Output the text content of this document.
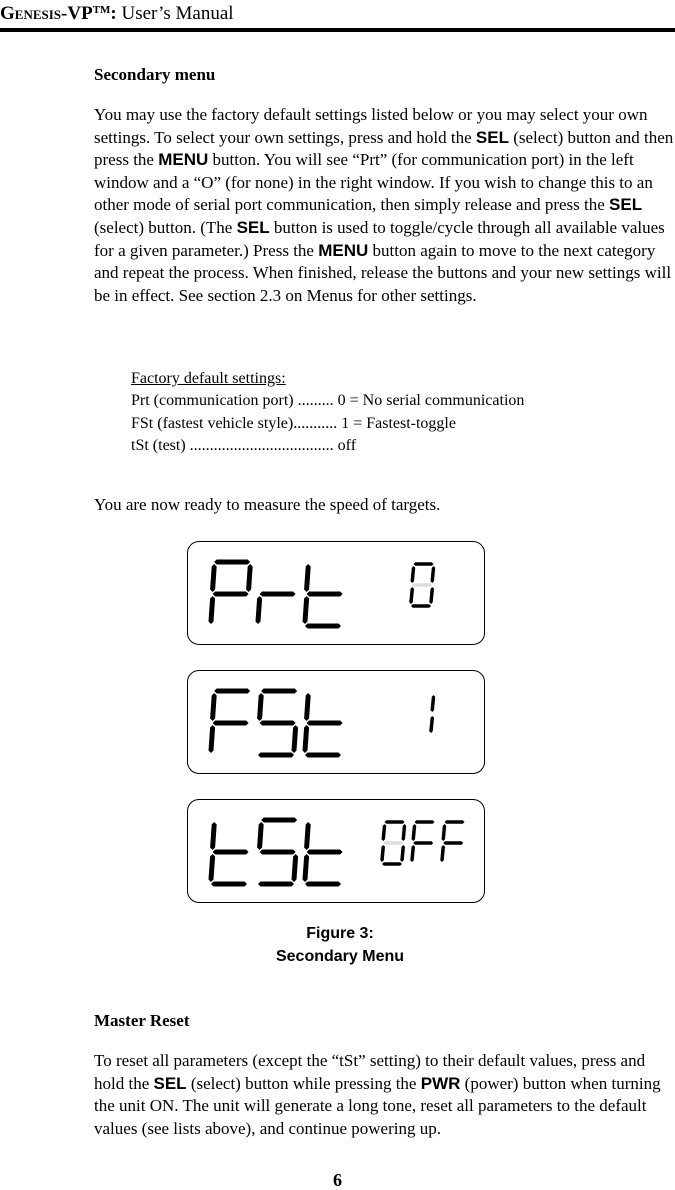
Genesis-VP™: User’s Manual
Secondary menu
You may use the factory default settings listed below or you may select your own settings. To select your own settings, press and hold the SEL (select) button and then press the MENU button. You will see “Prt” (for communication port) in the left window and a “O” (for none) in the right window. If you wish to change this to an other mode of serial port communication, then simply release and press the SEL (select) button. (The SEL button is used to toggle/cycle through all available values for a given parameter.) Press the MENU button again to move to the next category and repeat the process. When finished, release the buttons and your new settings will be in effect. See section 2.3 on Menus for other settings.
Factory default settings:
Prt (communication port) ......... 0 = No serial communication
FSt (fastest vehicle style)........... 1 = Fastest-toggle
tSt (test) .................................... off
You are now ready to measure the speed of targets.
Figure 3:
Secondary Menu
Master Reset
To reset all parameters (except the “tSt” setting) to their default values, press and hold the SEL (select) button while pressing the PWR (power) button when turning the unit ON. The unit will generate a long tone, reset all parameters to the default values (see lists above), and continue powering up.
6
